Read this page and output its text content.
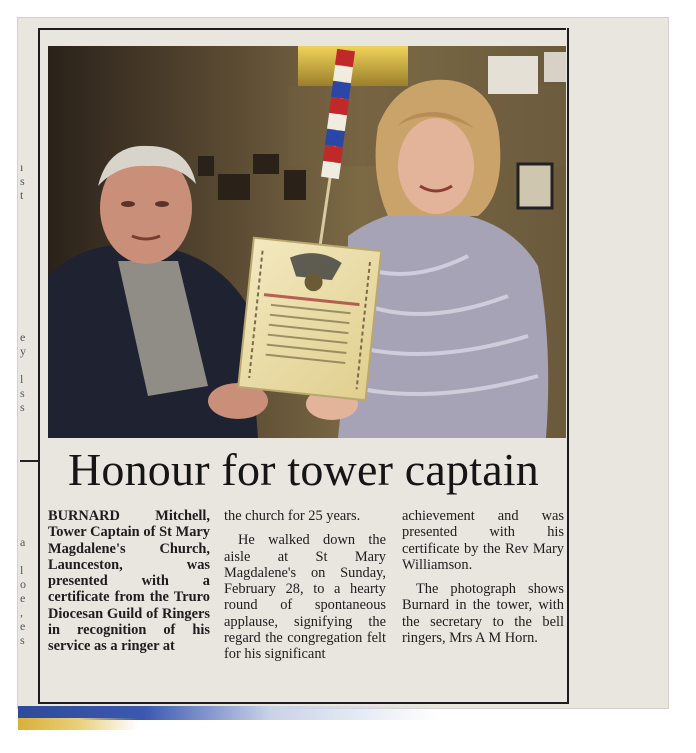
ı
s
t
e
y

l
s
s
a

l
o
e
,
e
s
Honour for tower captain

BURNARD Mitchell, Tower Captain of St Mary Magdalene's Church, Launceston, was presented with a certificate from the Truro Diocesan Guild of Ringers in recognition of his service as a ringer at

the church for 25 years.

He walked down the aisle at St Mary Magdalene's on Sunday, February 28, to a hearty round of spontaneous applause, signifying the regard the congregation felt for his significant

achievement and was presented with his certificate by the Rev Mary Williamson.

The photograph shows Burnard in the tower, with the secretary to the bell ringers, Mrs A M Horn.
